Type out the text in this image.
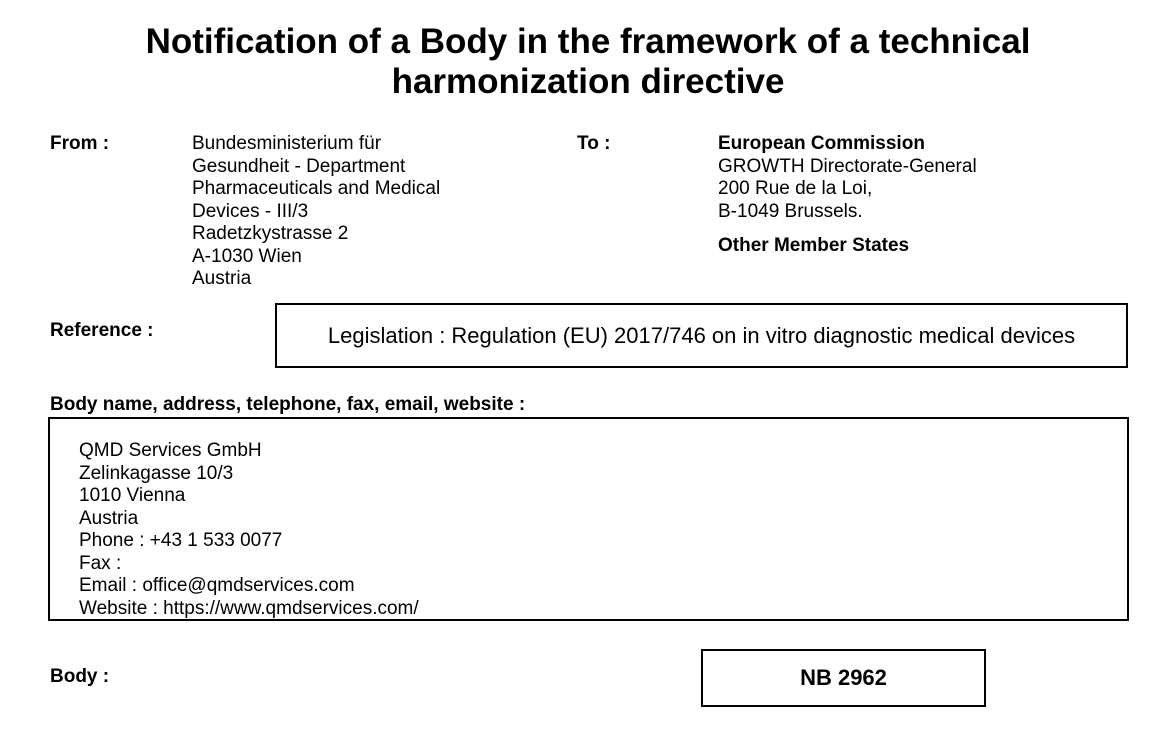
Notification of a Body in the framework of a technical
harmonization directive
From :	Bundesministerium für
Gesundheit - Department
Pharmaceuticals and Medical
Devices - III/3
Radetzkystrasse 2
A-1030 Wien
Austria
To :	European Commission
GROWTH Directorate-General
200 Rue de la Loi,
B-1049 Brussels.
Other Member States
Reference :	Legislation : Regulation (EU) 2017/746 on in vitro diagnostic medical devices
Body name, address, telephone, fax, email, website :
QMD Services GmbH
Zelinkagasse 10/3
1010 Vienna
Austria
Phone : +43 1 533 0077
Fax :
Email : office@qmdservices.com
Website : https://www.qmdservices.com/
Body :	NB 2962
